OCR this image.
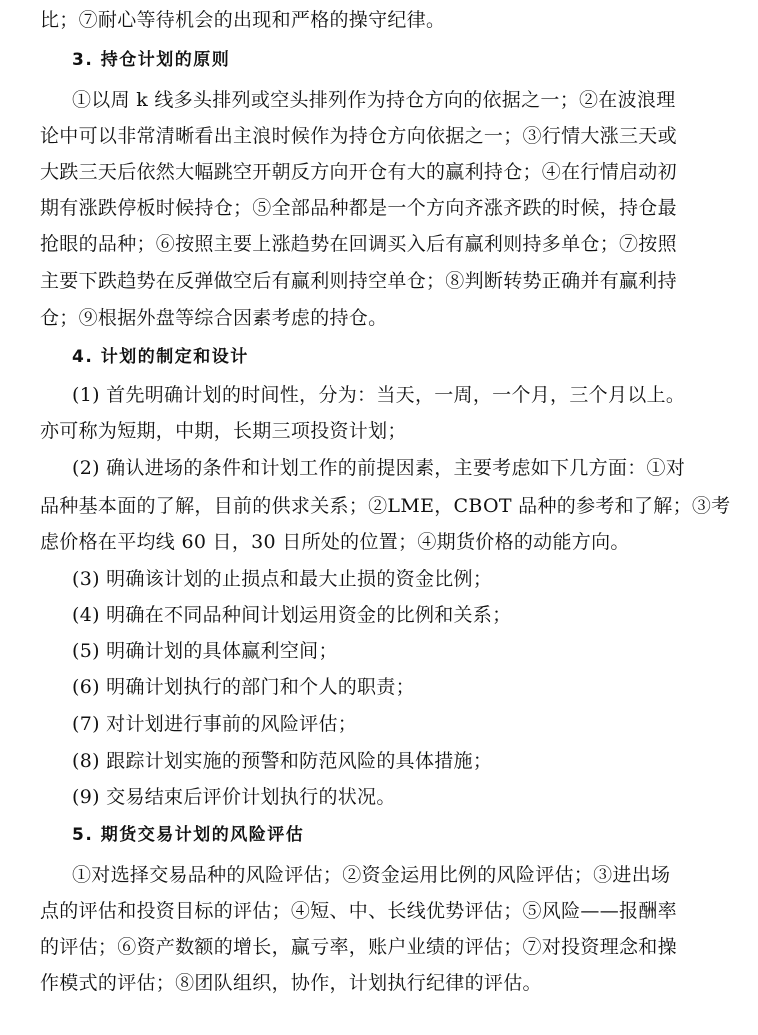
比；⑦耐心等待机会的出现和严格的操守纪律。
3. 持仓计划的原则
①以周 k 线多头排列或空头排列作为持仓方向的依据之一；②在波浪理
论中可以非常清晰看出主浪时候作为持仓方向依据之一；③行情大涨三天或
大跌三天后依然大幅跳空开朝反方向开仓有大的赢利持仓；④在行情启动初
期有涨跌停板时候持仓；⑤全部品种都是一个方向齐涨齐跌的时候，持仓最
抢眼的品种；⑥按照主要上涨趋势在回调买入后有赢利则持多单仓；⑦按照
主要下跌趋势在反弹做空后有赢利则持空单仓；⑧判断转势正确并有赢利持
仓；⑨根据外盘等综合因素考虑的持仓。
4. 计划的制定和设计
(1) 首先明确计划的时间性，分为：当天，一周，一个月，三个月以上。
亦可称为短期，中期，长期三项投资计划；
(2) 确认进场的条件和计划工作的前提因素，主要考虑如下几方面：①对
品种基本面的了解，目前的供求关系；②LME，CBOT 品种的参考和了解；③考
虑价格在平均线 60 日，30 日所处的位置；④期货价格的动能方向。
(3) 明确该计划的止损点和最大止损的资金比例；
(4) 明确在不同品种间计划运用资金的比例和关系；
(5) 明确计划的具体赢利空间；
(6) 明确计划执行的部门和个人的职责；
(7) 对计划进行事前的风险评估；
(8) 跟踪计划实施的预警和防范风险的具体措施；
(9) 交易结束后评价计划执行的状况。
5. 期货交易计划的风险评估
①对选择交易品种的风险评估；②资金运用比例的风险评估；③进出场
点的评估和投资目标的评估；④短、中、长线优势评估；⑤风险——报酬率
的评估；⑥资产数额的增长，赢亏率，账户业绩的评估；⑦对投资理念和操
作模式的评估；⑧团队组织，协作，计划执行纪律的评估。
